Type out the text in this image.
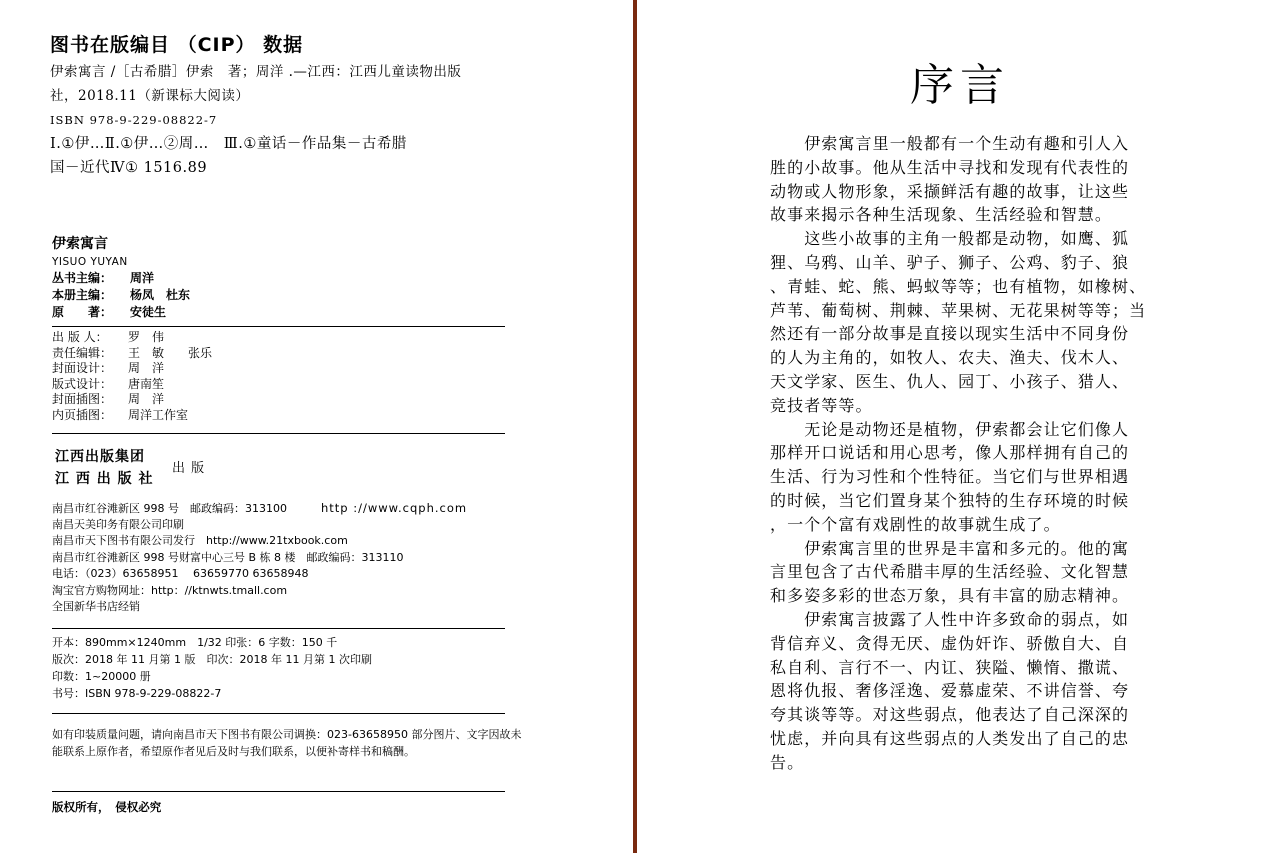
图书在版编目 （CIP） 数据
伊索寓言 /［古希腊］伊索　著；周洋 .—江西：江西儿童读物出版
社，2018.11（新课标大阅读）
ISBN 978-9-229-08822-7
Ⅰ.①伊…Ⅱ.①伊…②周…　Ⅲ.①童话－作品集－古希腊
国－近代Ⅳ① 1516.89
伊索寓言
YISUO YUYAN
丛书主编： 周洋
本册主编： 杨凤　杜东
原　　著： 安徒生
出 版 人： 罗　伟
责任编辑： 王　敏　　张乐
封面设计： 周　洋
版式设计： 唐南笙
封面插图： 周　洋
内页插图： 周洋工作室
江西出版集团
江 西 出 版 社
出 版
南昌市红谷滩新区 998 号　邮政编码：313100	http ://www.cqph.com
南昌天美印务有限公司印刷
南昌市天下图书有限公司发行　http://www.21txbook.com
南昌市红谷滩新区 998 号财富中心三号 B 栋 8 楼　邮政编码：313110
电话：（023）63658951　 63659770 63658948
淘宝官方购物网址：http：//ktnwts.tmall.com
全国新华书店经销
开本：890mm×1240mm　1/32 印张：6 字数：150 千
版次：2018 年 11 月第 1 版　印次：2018 年 11 月第 1 次印刷
印数：1~20000 册
书号：ISBN 978-9-229-08822-7
如有印装质量问题，请向南昌市天下图书有限公司调换：023-63658950 部分图片、文字因故未能联系上原作者，希望原作者见后及时与我们联系，以便补寄样书和稿酬。
版权所有，　侵权必究
序言
　　伊索寓言里一般都有一个生动有趣和引人入
胜的小故事。他从生活中寻找和发现有代表性的
动物或人物形象，采撷鲜活有趣的故事，让这些
故事来揭示各种生活现象、生活经验和智慧。
　　这些小故事的主角一般都是动物，如鹰、狐
狸、乌鸦、山羊、驴子、狮子、公鸡、豹子、狼
、青蛙、蛇、熊、蚂蚁等等；也有植物，如橡树、
芦苇、葡萄树、荆棘、苹果树、无花果树等等；当
然还有一部分故事是直接以现实生活中不同身份
的人为主角的，如牧人、农夫、渔夫、伐木人、
天文学家、医生、仇人、园丁、小孩子、猎人、
竞技者等等。
　　无论是动物还是植物，伊索都会让它们像人
那样开口说话和用心思考，像人那样拥有自己的
生活、行为习性和个性特征。当它们与世界相遇
的时候，当它们置身某个独特的生存环境的时候
，一个个富有戏剧性的故事就生成了。
　　伊索寓言里的世界是丰富和多元的。他的寓
言里包含了古代希腊丰厚的生活经验、文化智慧
和多姿多彩的世态万象，具有丰富的励志精神。
　　伊索寓言披露了人性中许多致命的弱点，如
背信弃义、贪得无厌、虚伪奸诈、骄傲自大、自
私自利、言行不一、内讧、狭隘、懒惰、撒谎、
恩将仇报、奢侈淫逸、爱慕虚荣、不讲信誉、夸
夸其谈等等。对这些弱点，他表达了自己深深的
忧虑，并向具有这些弱点的人类发出了自己的忠
告。
